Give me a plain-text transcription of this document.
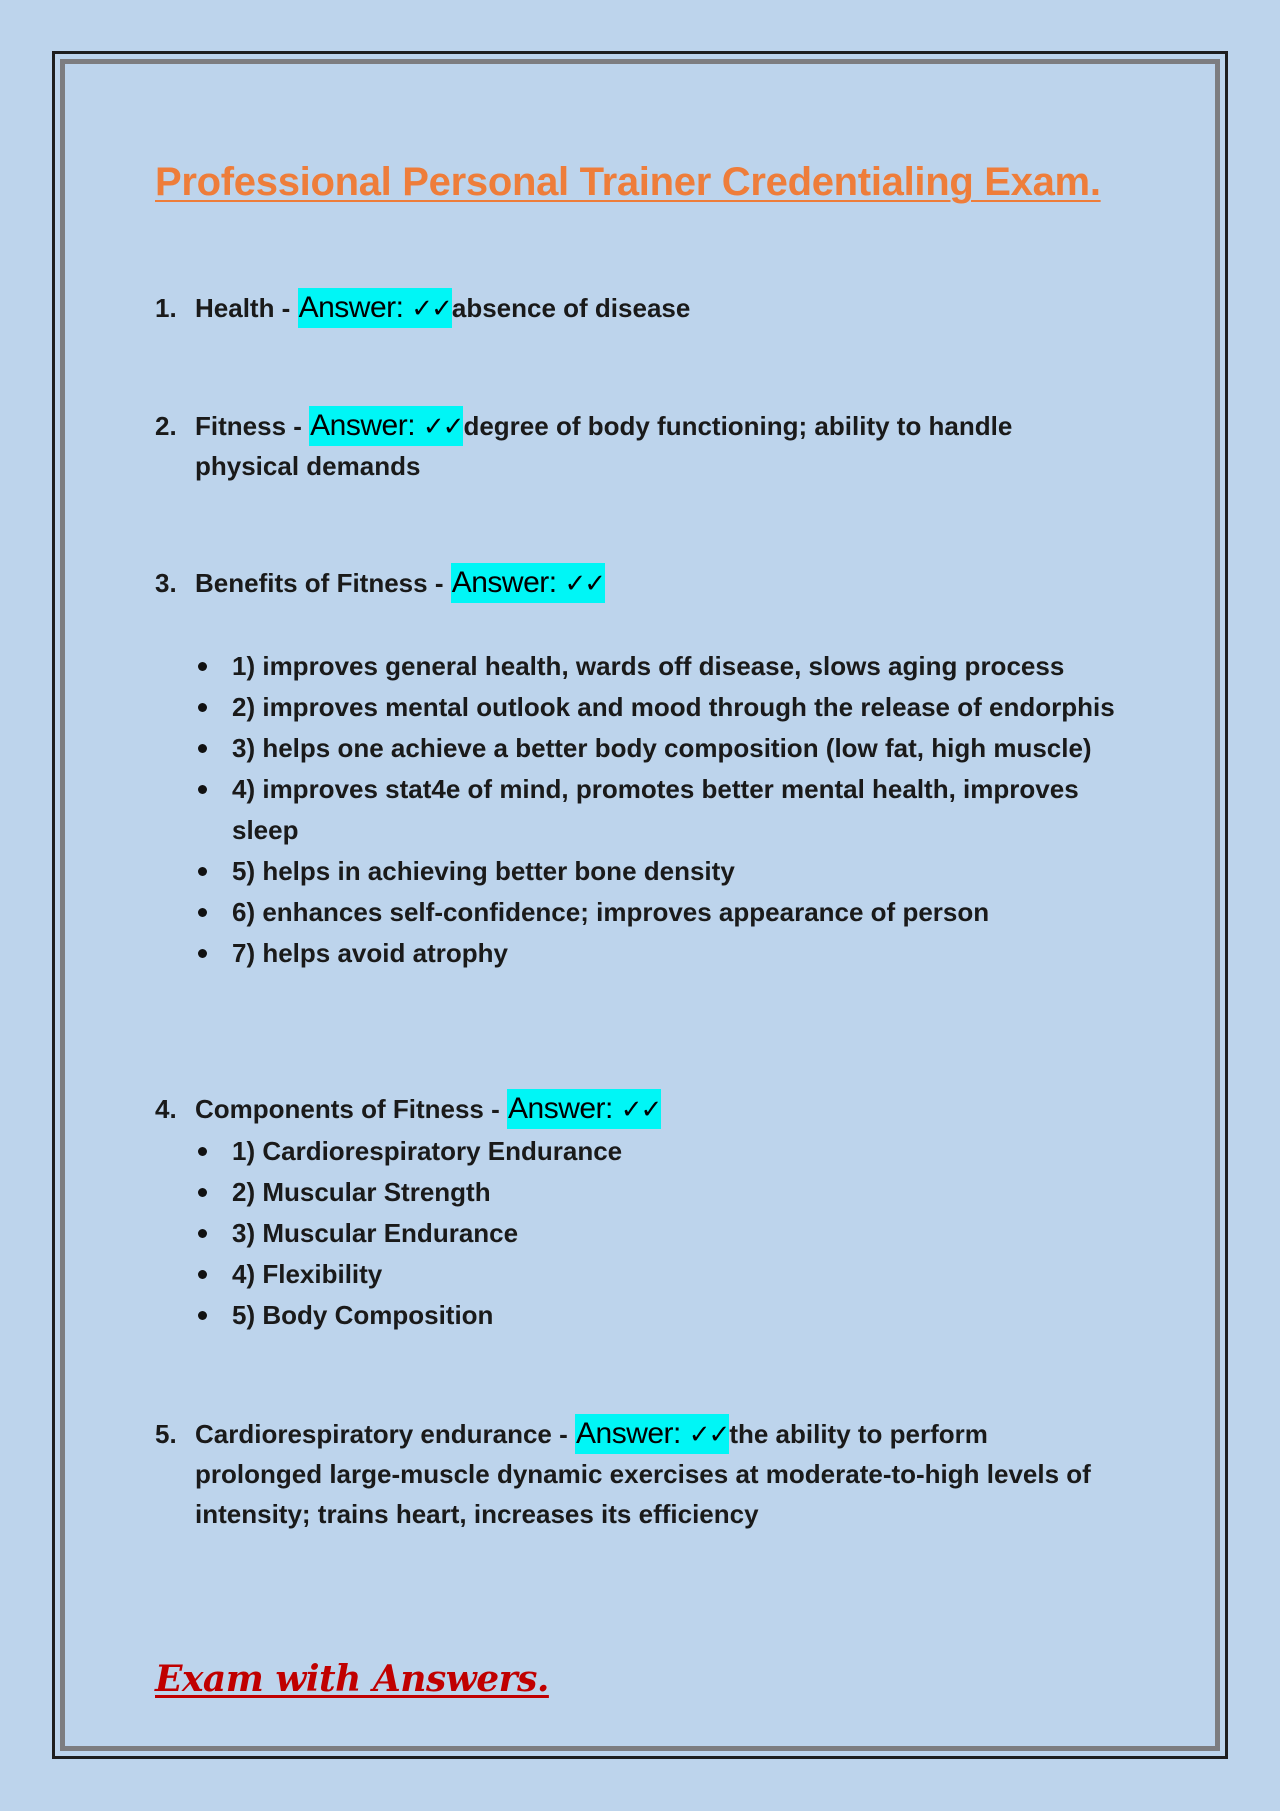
Professional Personal Trainer Credentialing Exam.
1. Health -
Answer: ✓✓ absence of disease
2. Fitness -
Answer: ✓✓ degree of body functioning; ability to handle
physical demands
3. Benefits of Fitness -
Answer: ✓✓
1) improves general health, wards off disease, slows aging process
2) improves mental outlook and mood through the release of endorphis
3) helps one achieve a better body composition (low fat, high muscle)
4) improves stat4e of mind, promotes better mental health, improves sleep
5) helps in achieving better bone density
6) enhances self-confidence; improves appearance of person
7) helps avoid atrophy
4. Components of Fitness -
Answer: ✓✓
1) Cardiorespiratory Endurance
2) Muscular Strength
3) Muscular Endurance
4) Flexibility
5) Body Composition
5. Cardiorespiratory endurance -
Answer: ✓✓ the ability to perform
prolonged large-muscle dynamic exercises at moderate-to-high levels of intensity; trains heart, increases its efficiency
Exam with Answers.
